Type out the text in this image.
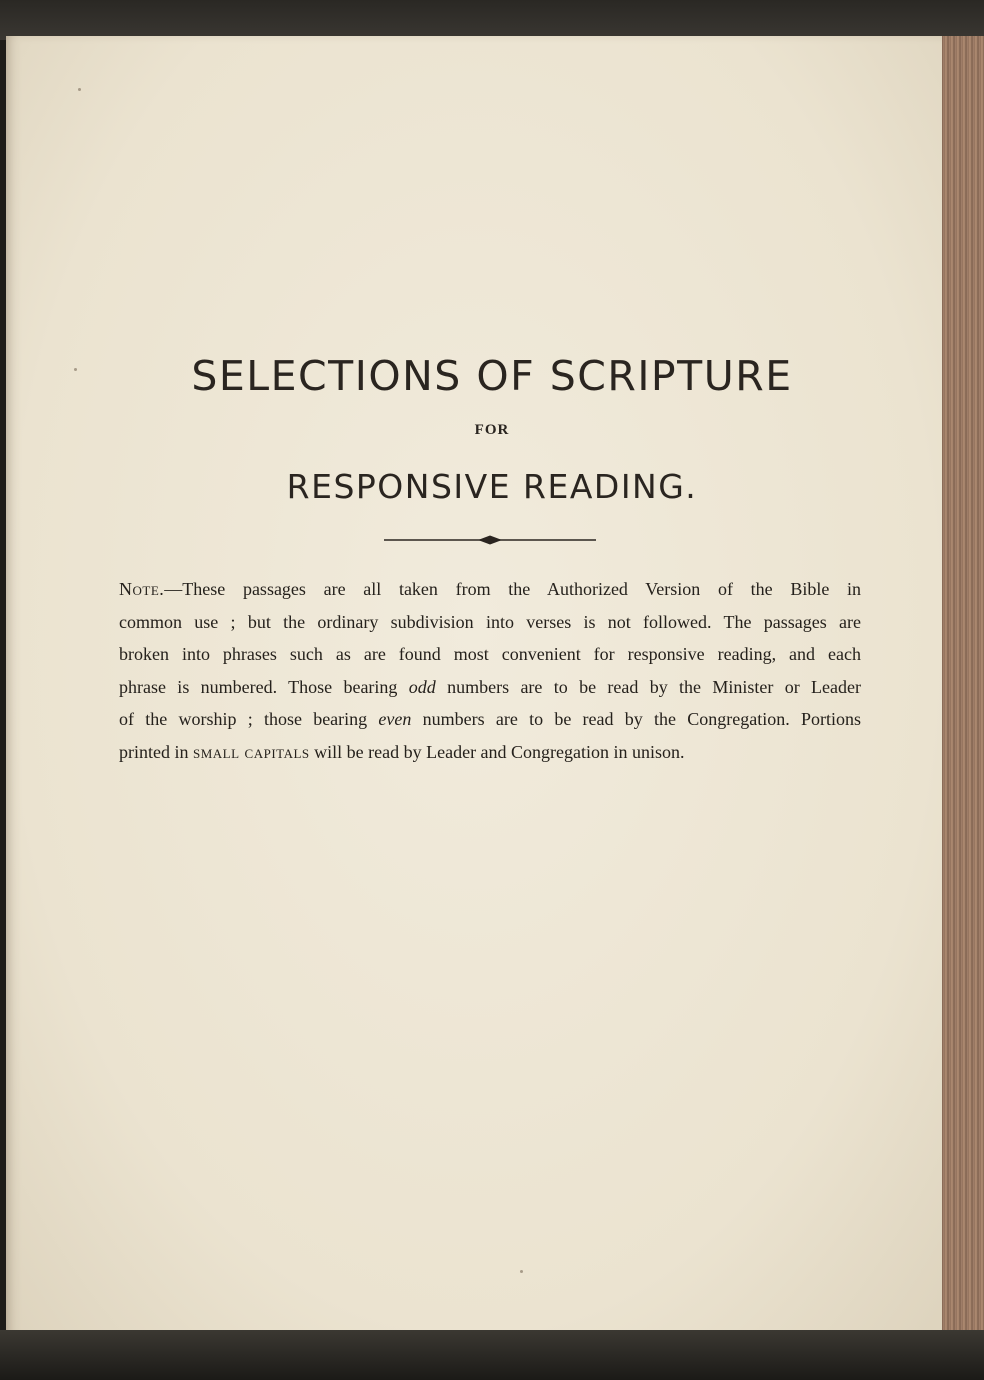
SELECTIONS OF SCRIPTURE
FOR
RESPONSIVE READING.
Note.—These passages are all taken from the Authorized Version of the Bible in
common use ; but the ordinary subdivision into verses is not followed. The passages are
broken into phrases such as are found most convenient for responsive reading, and each
phrase is numbered. Those bearing odd numbers are to be read by the Minister or Leader
of the worship ; those bearing even numbers are to be read by the Congregation. Portions
printed in small capitals will be read by Leader and Congregation in unison.
